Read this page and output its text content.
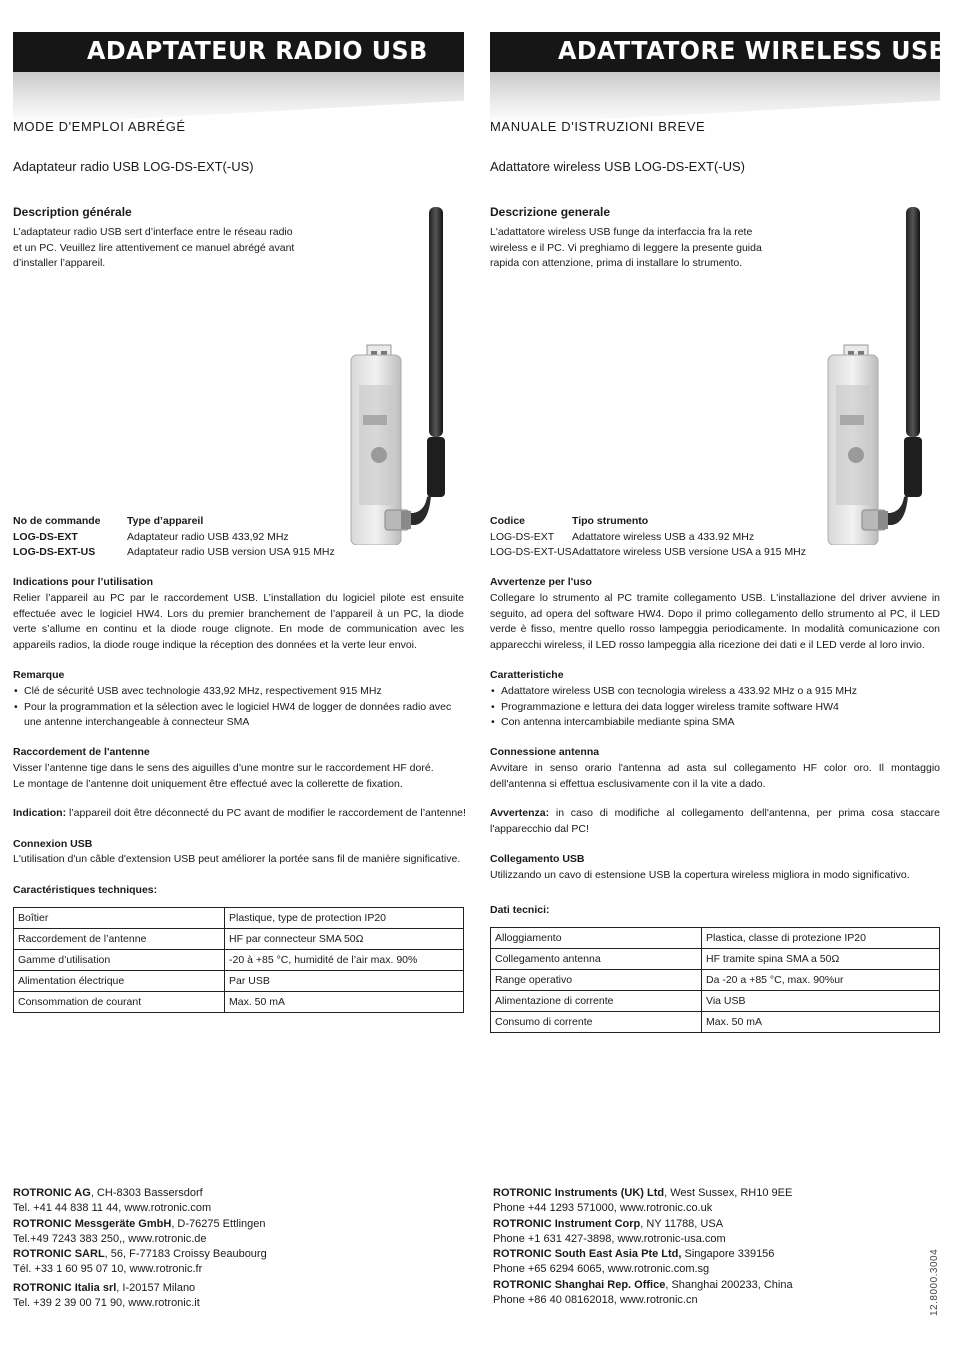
ADAPTATEUR RADIO USB
MODE D'EMPLOI ABRÉGÉ
Adaptateur radio USB LOG-DS-EXT(-US)
Description générale
L’adaptateur radio USB sert d’interface entre le réseau radio
et un PC. Veuillez lire attentivement ce manuel abrégé avant
d’installer l’appareil.
No de commande	Type d’appareil
LOG-DS-EXT	Adaptateur radio USB 433,92 MHz
LOG-DS-EXT-US	Adaptateur radio USB version USA 915 MHz
Indications pour l’utilisation
Relier l’appareil au PC par le raccordement USB. L’installation du logiciel pilote est ensuite effectuée avec le logiciel HW4. Lors du premier branchement de l’appareil à un PC, la diode verte s’allume en continu et la diode rouge clignote. En mode de communication avec les appareils radios, la diode rouge indique la réception des données et la verte leur envoi.
Remarque
• Clé de sécurité USB avec technologie 433,92 MHz, respectivement 915 MHz
• Pour la programmation et la sélection avec le logiciel HW4 de logger de données radio avec une antenne interchangeable à connecteur SMA
Raccordement de l'antenne
Visser l’antenne tige dans le sens des aiguilles d’une montre sur le raccordement HF doré.
Le montage de l’antenne doit uniquement être effectué avec la collerette de fixation.
Indication: l’appareil doit être déconnecté du PC avant de modifier le raccordement de l’antenne!
Connexion USB
L'utilisation d'un câble d'extension USB peut améliorer la portée sans fil de manière significative.
Caractéristiques techniques:
Boîtier	Plastique, type de protection IP20
Raccordement de l’antenne	HF par connecteur SMA 50Ω
Gamme d’utilisation	-20 à +85 °C, humidité de l’air max. 90%
Alimentation électrique	Par USB
Consommation de courant	Max. 50 mA
ADATTATORE WIRELESS USB
MANUALE D'ISTRUZIONI BREVE
Adattatore wireless USB LOG-DS-EXT(-US)
Descrizione generale
L'adattatore wireless USB funge da interfaccia fra la rete
wireless e il PC. Vi preghiamo di leggere la presente guida
rapida con attenzione, prima di installare lo strumento.
Codice	Tipo strumento
LOG-DS-EXT Adattatore wireless USB a 433.92 MHz
LOG-DS-EXT-US Adattatore wireless USB versione USA a 915 MHz
Avvertenze per l'uso
Collegare lo strumento al PC tramite collegamento USB. L'installazione del driver avviene in seguito, ad opera del software HW4. Dopo il primo collegamento dello strumento al PC, il LED verde è fisso, mentre quello rosso lampeggia periodicamente. In modalità comunicazione con apparecchi wireless, il LED rosso lampeggia alla ricezione dei dati e il LED verde al loro invio.
Caratteristiche
• Adattatore wireless USB con tecnologia wireless a 433.92 MHz o a 915 MHz
• Programmazione e lettura dei data logger wireless tramite software HW4
• Con antenna intercambiabile mediante spina SMA
Connessione antenna
Avvitare in senso orario l'antenna ad asta sul collegamento HF color oro. Il montaggio dell'antenna si effettua esclusivamente con il la vite a dado.
Avvertenza: in caso di modifiche al collegamento dell'antenna, per prima cosa staccare l'apparecchio dal PC!
Collegamento USB
Utilizzando un cavo di estensione USB la copertura wireless migliora in modo significativo.
Dati tecnici:
Alloggiamento	Plastica, classe di protezione IP20
Collegamento antenna	HF tramite spina SMA a 50Ω
Range operativo	Da -20 a +85 °C, max. 90%ur
Alimentazione di corrente	Via USB
Consumo di corrente	Max. 50 mA
ROTRONIC AG, CH-8303 Bassersdorf
Tel. +41 44 838 11 44, www.rotronic.com
ROTRONIC Messgeräte GmbH, D-76275 Ettlingen
Tel.+49 7243 383 250,, www.rotronic.de
ROTRONIC SARL, 56, F-77183 Croissy Beaubourg
Tél. +33 1 60 95 07 10, www.rotronic.fr
ROTRONIC Italia srl, I-20157 Milano
Tel. +39 2 39 00 71 90, www.rotronic.it
ROTRONIC Instruments (UK) Ltd, West Sussex, RH10 9EE
Phone +44 1293 571000, www.rotronic.co.uk
ROTRONIC Instrument Corp, NY 11788, USA
Phone +1 631 427-3898, www.rotronic-usa.com
ROTRONIC South East Asia Pte Ltd, Singapore 339156
Phone +65 6294 6065, www.rotronic.com.sg
ROTRONIC Shanghai Rep. Office, Shanghai 200233, China
Phone +86 40 08162018, www.rotronic.cn	12.8000.3004
